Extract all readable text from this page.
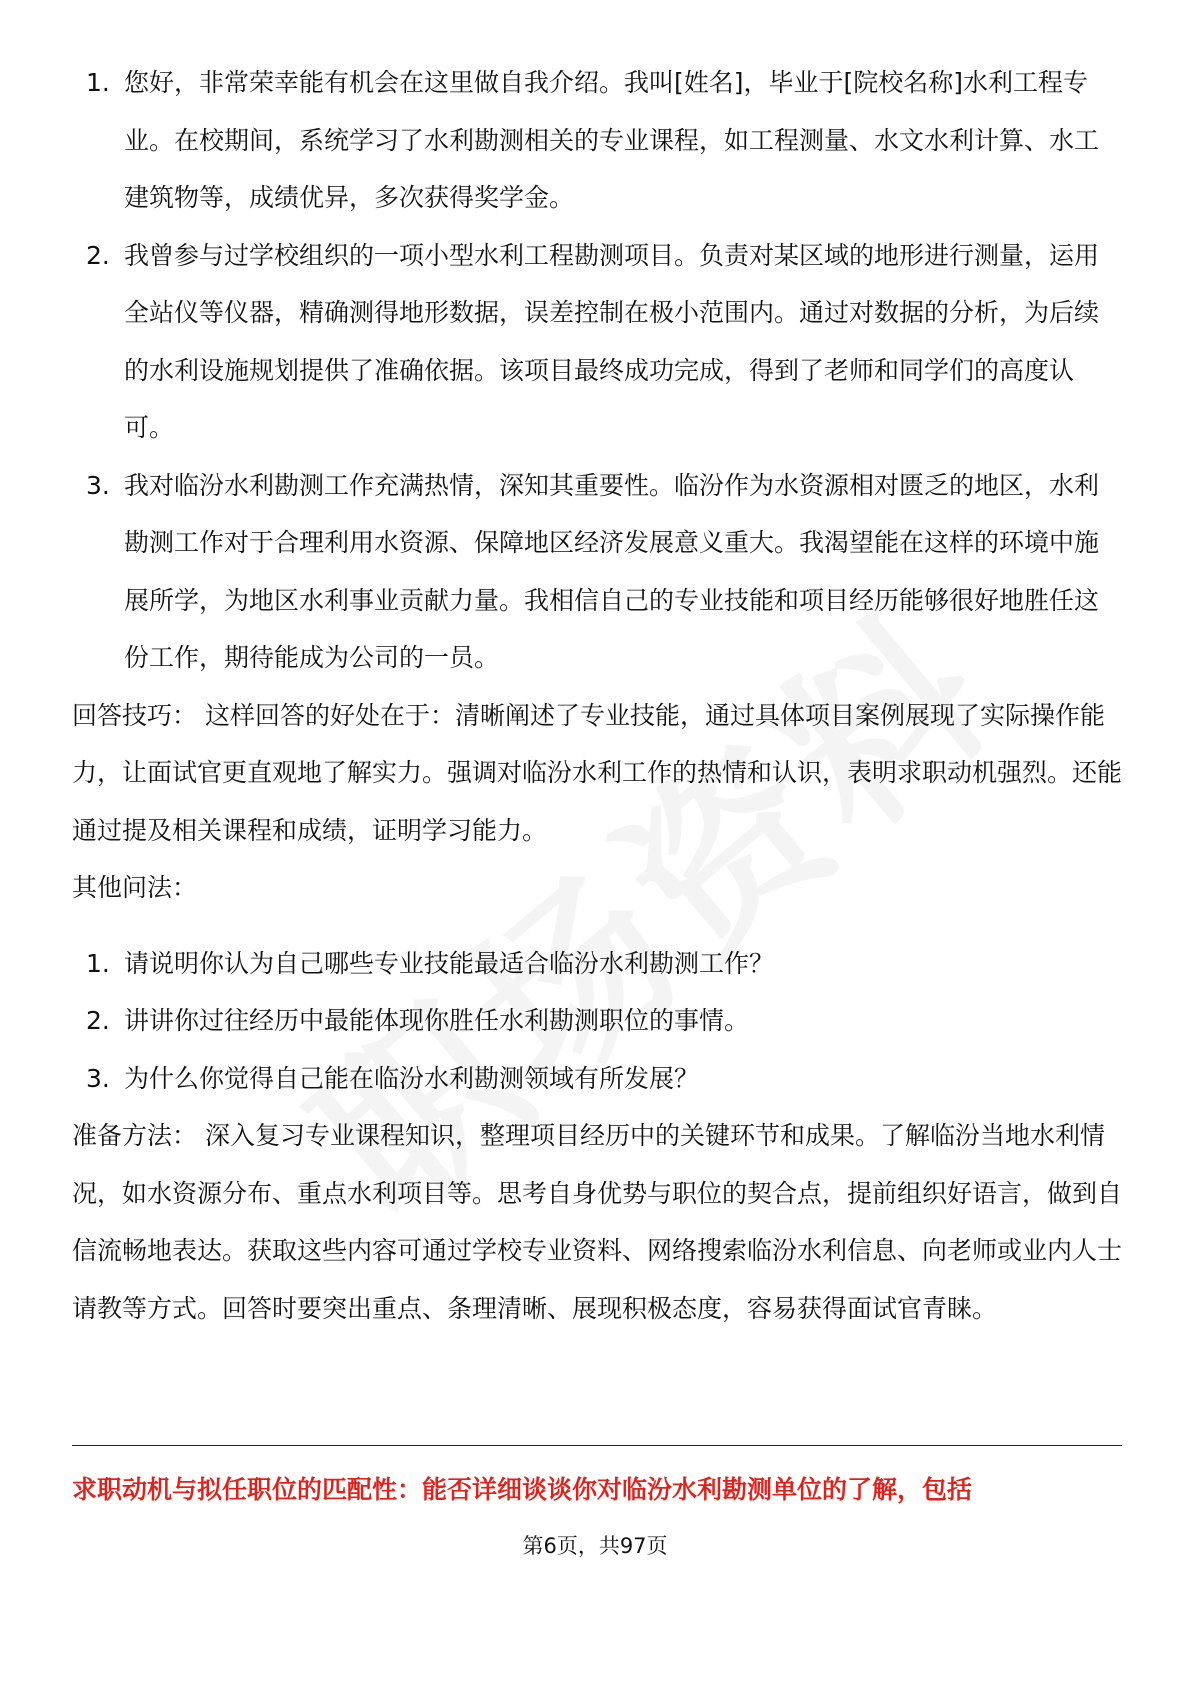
1. 您好，非常荣幸能有机会在这里做自我介绍。我叫[姓名]，毕业于[院校名称]水利工程专业。在校期间，系统学习了水利勘测相关的专业课程，如工程测量、水文水利计算、水工建筑物等，成绩优异，多次获得奖学金。
2. 我曾参与过学校组织的一项小型水利工程勘测项目。负责对某区域的地形进行测量，运用全站仪等仪器，精确测得地形数据，误差控制在极小范围内。通过对数据的分析，为后续的水利设施规划提供了准确依据。该项目最终成功完成，得到了老师和同学们的高度认可。
3. 我对临汾水利勘测工作充满热情，深知其重要性。临汾作为水资源相对匮乏的地区，水利勘测工作对于合理利用水资源、保障地区经济发展意义重大。我渴望能在这样的环境中施展所学，为地区水利事业贡献力量。我相信自己的专业技能和项目经历能够很好地胜任这份工作，期待能成为公司的一员。

回答技巧： 这样回答的好处在于：清晰阐述了专业技能，通过具体项目案例展现了实际操作能力，让面试官更直观地了解实力。强调对临汾水利工作的热情和认识，表明求职动机强烈。还能通过提及相关课程和成绩，证明学习能力。

其他问法：

1. 请说明你认为自己哪些专业技能最适合临汾水利勘测工作？
2. 讲讲你过往经历中最能体现你胜任水利勘测职位的事情。
3. 为什么你觉得自己能在临汾水利勘测领域有所发展？

准备方法： 深入复习专业课程知识，整理项目经历中的关键环节和成果。了解临汾当地水利情况，如水资源分布、重点水利项目等。思考自身优势与职位的契合点，提前组织好语言，做到自信流畅地表达。获取这些内容可通过学校专业资料、网络搜索临汾水利信息、向老师或业内人士请教等方式。回答时要突出重点、条理清晰、展现积极态度，容易获得面试官青睐。

求职动机与拟任职位的匹配性：能否详细谈谈你对临汾水利勘测单位的了解，包括
第6页，共97页
